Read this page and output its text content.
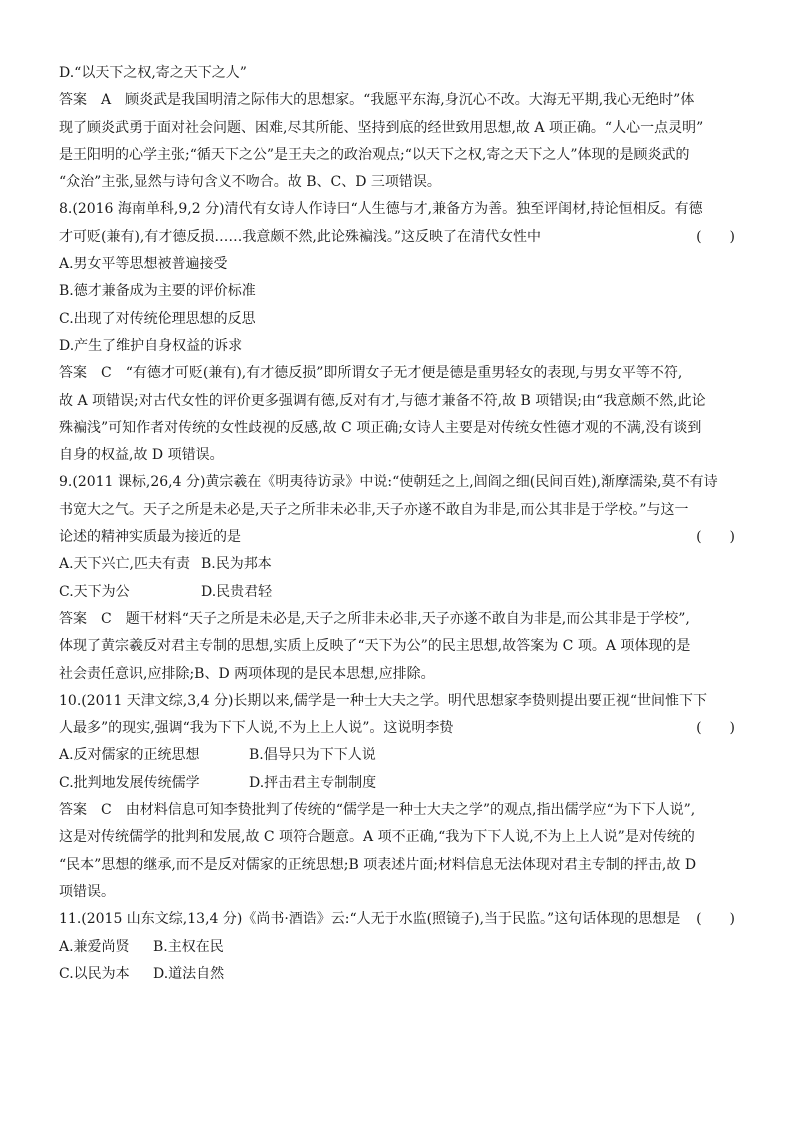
D.“以天下之权,寄之天下之人”
答案　A　顾炎武是我国明清之际伟大的思想家。“我愿平东海,身沉心不改。大海无平期,我心无绝时”体
现了顾炎武勇于面对社会问题、困难,尽其所能、坚持到底的经世致用思想,故 A 项正确。“人心一点灵明”
是王阳明的心学主张;“循天下之公”是王夫之的政治观点;“以天下之权,寄之天下之人”体现的是顾炎武的
“众治”主张,显然与诗句含义不吻合。故 B、C、D 三项错误。
8.(2016 海南单科,9,2 分)清代有女诗人作诗曰“人生德与才,兼备方为善。独至评闺材,持论恒相反。有德
才可贬(兼有),有才德反损……我意颇不然,此论殊褊浅。”这反映了在清代女性中	(　　)
A.男女平等思想被普遍接受
B.德才兼备成为主要的评价标准
C.出现了对传统伦理思想的反思
D.产生了维护自身权益的诉求
答案　C　“有德才可贬(兼有),有才德反损”即所谓女子无才便是德是重男轻女的表现,与男女平等不符,
故 A 项错误;对古代女性的评价更多强调有德,反对有才,与德才兼备不符,故 B 项错误;由“我意颇不然,此论
殊褊浅”可知作者对传统的女性歧视的反感,故 C 项正确;女诗人主要是对传统女性德才观的不满,没有谈到
自身的权益,故 D 项错误。
9.(2011 课标,26,4 分)黄宗羲在《明夷待访录》中说:“使朝廷之上,闾阎之细(民间百姓),渐摩濡染,莫不有诗
书宽大之气。天子之所是未必是,天子之所非未必非,天子亦遂不敢自为非是,而公其非是于学校。”与这一
论述的精神实质最为接近的是	(　　)
A.天下兴亡,匹夫有责 B.民为邦本
C.天下为公	D.民贵君轻
答案　C　题干材料“天子之所是未必是,天子之所非未必非,天子亦遂不敢自为非是,而公其非是于学校”,
体现了黄宗羲反对君主专制的思想,实质上反映了“天下为公”的民主思想,故答案为 C 项。A 项体现的是
社会责任意识,应排除;B、D 两项体现的是民本思想,应排除。
10.(2011 天津文综,3,4 分)长期以来,儒学是一种士大夫之学。明代思想家李贽则提出要正视“世间惟下下
人最多”的现实,强调“我为下下人说,不为上上人说”。这说明李贽	(　　)
A.反对儒家的正统思想	B.倡导只为下下人说
C.批判地发展传统儒学	D.抨击君主专制制度
答案　C　由材料信息可知李贽批判了传统的“儒学是一种士大夫之学”的观点,指出儒学应“为下下人说”,
这是对传统儒学的批判和发展,故 C 项符合题意。A 项不正确,“我为下下人说,不为上上人说”是对传统的
“民本”思想的继承,而不是反对儒家的正统思想;B 项表述片面;材料信息无法体现对君主专制的抨击,故 D
项错误。
11.(2015 山东文综,13,4 分)《尚书·酒诰》云:“人无于水监(照镜子),当于民监。”这句话体现的思想是 (　　)
A.兼爱尚贤 B.主权在民
C.以民为本 D.道法自然
